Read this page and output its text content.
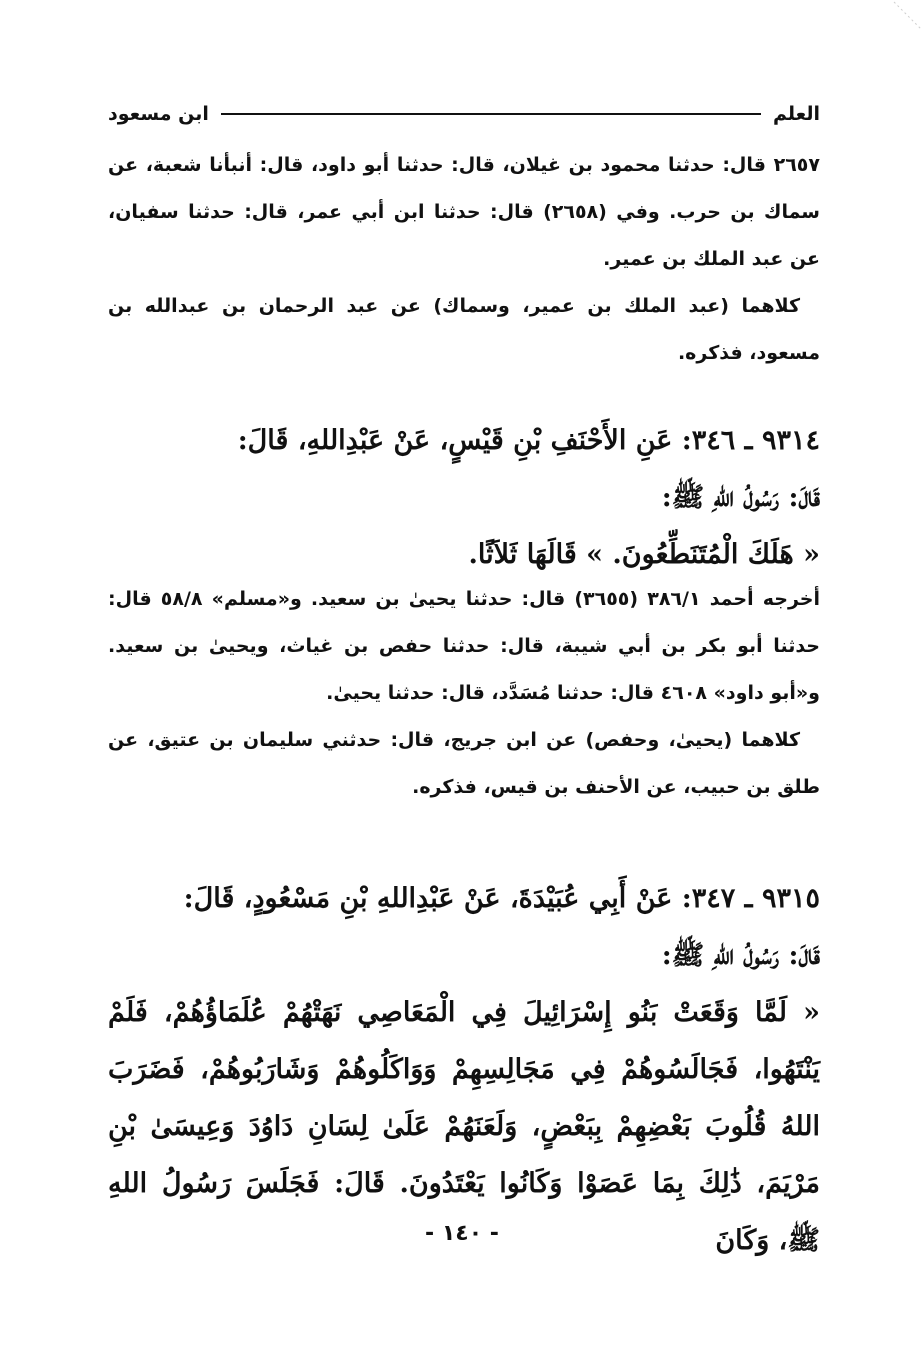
العلم
ابن مسعود

٢٦٥٧ قال: حدثنا محمود بن غيلان، قال: حدثنا أبو داود، قال: أنبأنا شعبة، عن سماك بن حرب. وفي (٢٦٥٨) قال: حدثنا ابن أبي عمر، قال: حدثنا سفيان، عن عبد الملك بن عمير.

كلاهما (عبد الملك بن عمير، وسماك) عن عبد الرحمان بن عبدالله بن مسعود، فذكره.

٩٣١٤ ـ ٣٤٦: عَنِ الأَحْنَفِ بْنِ قَيْسٍ، عَنْ عَبْدِاللهِ، قَالَ:

قَالَ: رَسُولُ اللهِ ﷺ:

« هَلَكَ الْمُتَنَطِّعُونَ. » قَالَهَا ثَلاَثًا.

أخرجه أحمد ٣٨٦/١ (٣٦٥٥) قال: حدثنا يحيىٰ بن سعيد. و«مسلم» ٥٨/٨ قال: حدثنا أبو بكر بن أبي شيبة، قال: حدثنا حفص بن غياث، ويحيىٰ بن سعيد. و«أبو داود» ٤٦٠٨ قال: حدثنا مُسَدَّد، قال: حدثنا يحيىٰ.

كلاهما (يحيىٰ، وحفص) عن ابن جريج، قال: حدثني سليمان بن عتيق، عن طلق بن حبيب، عن الأحنف بن قيس، فذكره.

٩٣١٥ ـ ٣٤٧: عَنْ أَبِي عُبَيْدَةَ، عَنْ عَبْدِاللهِ بْنِ مَسْعُودٍ، قَالَ:

قَالَ: رَسُولُ اللهِ ﷺ:

« لَمَّا وَقَعَتْ بَنُو إِسْرَائِيلَ فِي الْمَعَاصِي نَهَتْهُمْ عُلَمَاؤُهُمْ، فَلَمْ يَنْتَهُوا، فَجَالَسُوهُمْ فِي مَجَالِسِهِمْ وَوَاكَلُوهُمْ وَشَارَبُوهُمْ، فَضَرَبَ اللهُ قُلُوبَ بَعْضِهِمْ بِبَعْضٍ، وَلَعَنَهُمْ عَلَىٰ لِسَانِ دَاوُدَ وَعِيسَىٰ بْنِ مَرْيَمَ، ذَٰلِكَ بِمَا عَصَوْا وَكَانُوا يَعْتَدُونَ. قَالَ: فَجَلَسَ رَسُولُ اللهِ ﷺ، وَكَانَ

- ١٤٠ -
